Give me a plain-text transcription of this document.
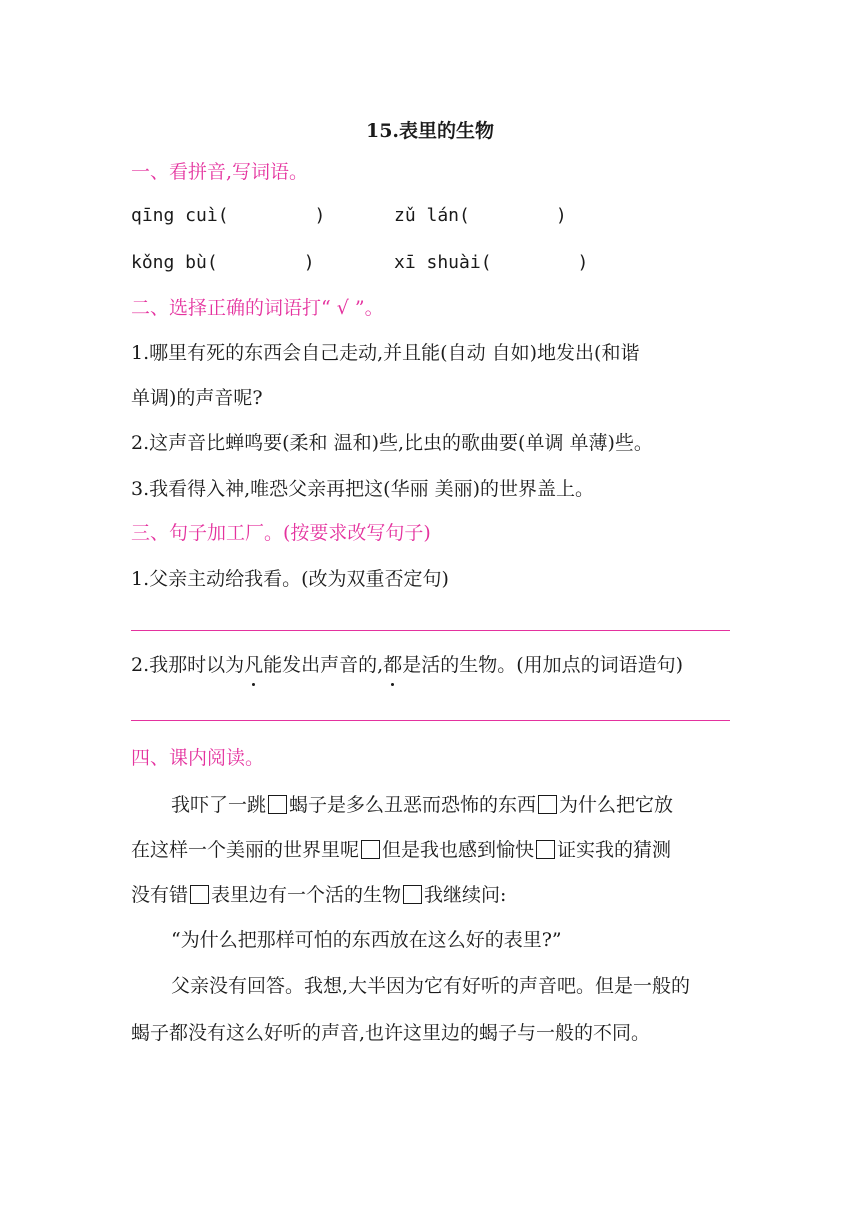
15.表里的生物
一、看拼音,写词语。
qīng cuì(	)	zǔ lán(	)
kǒng bù(	)	xī shuài(	)
二、选择正确的词语打“ √ ”。
1.哪里有死的东西会自己走动,并且能(自动 自如)地发出(和谐
单调)的声音呢?
2.这声音比蝉鸣要(柔和 温和)些,比虫的歌曲要(单调 单薄)些。
3.我看得入神,唯恐父亲再把这(华丽 美丽)的世界盖上。
三、句子加工厂。(按要求改写句子)
1.父亲主动给我看。(改为双重否定句)
2.我那时以为凡
能发出声音的,都
是活的生物。(用加点的词语造句)
四、课内阅读。
我吓了一跳 蝎子是多么丑恶而恐怖的东西 为什么把它放
在这样一个美丽的世界里呢 但是我也感到愉快 证实我的猜测
没有错 表里边有一个活的生物 我继续问:
“为什么把那样可怕的东西放在这么好的表里?”
父亲没有回答。我想,大半因为它有好听的声音吧。但是一般的
蝎子都没有这么好听的声音,也许这里边的蝎子与一般的不同。
